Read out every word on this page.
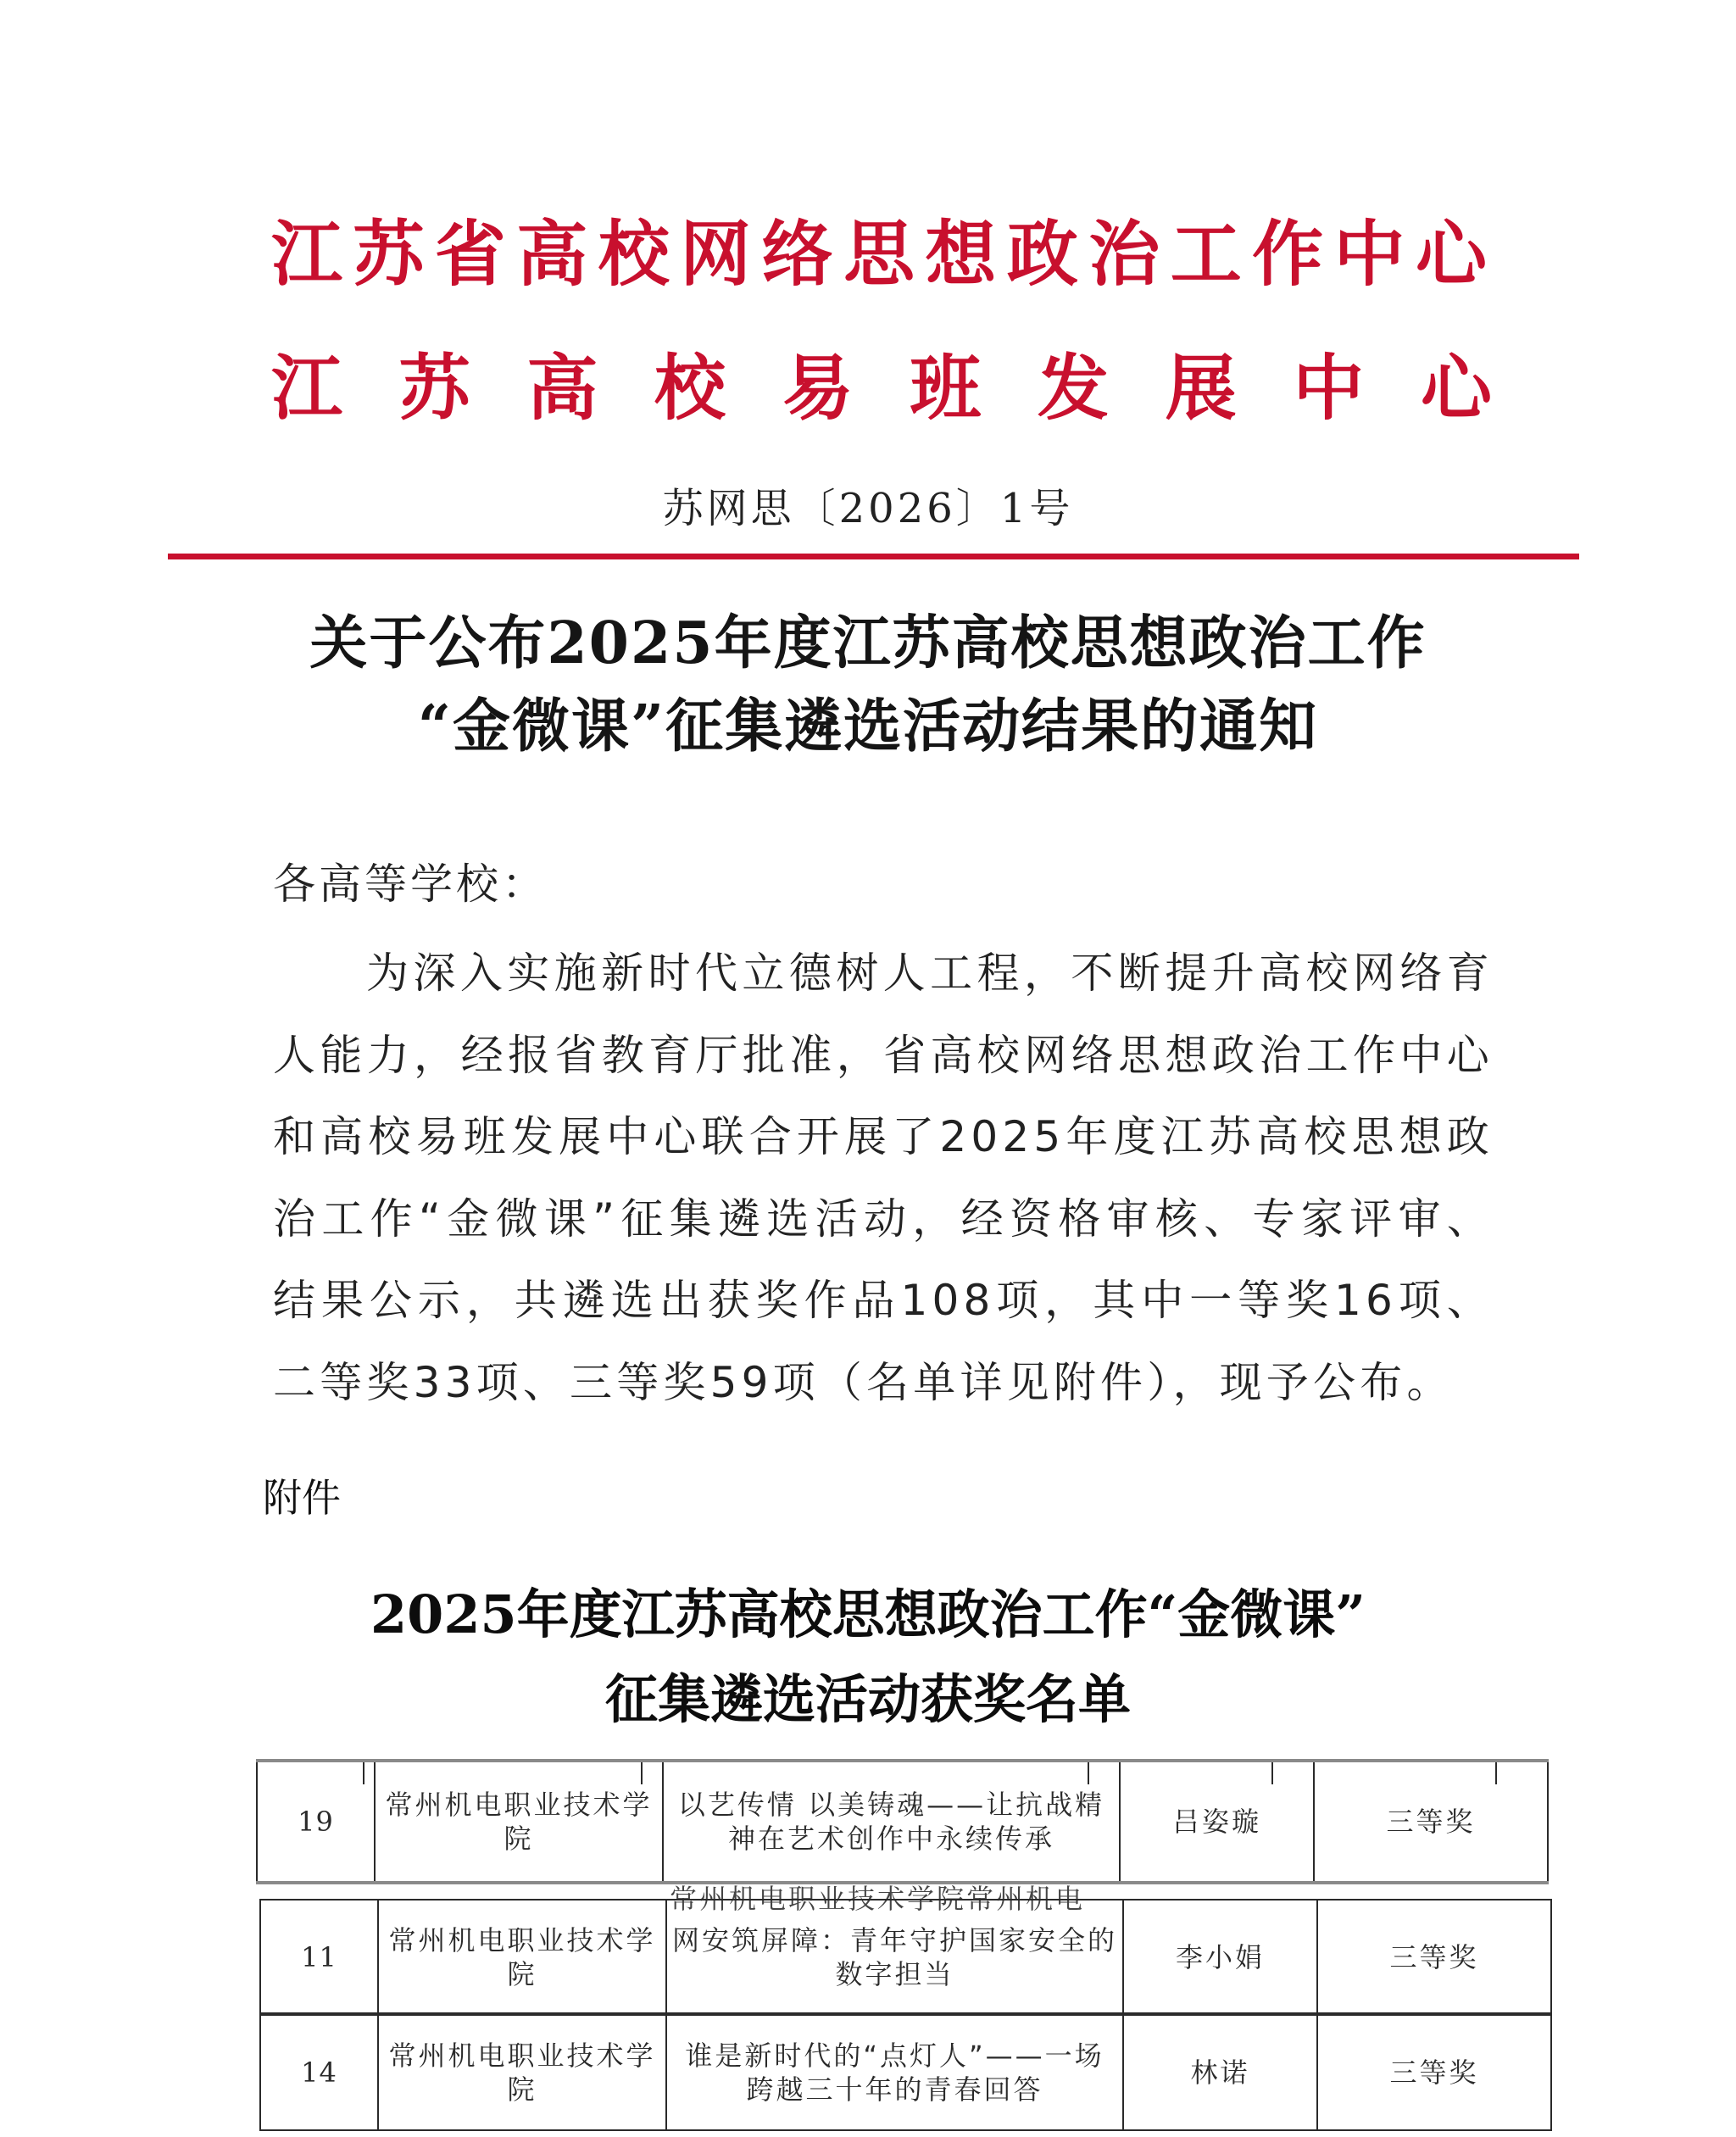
江苏省高校网络思想政治工作中心
江 苏 高 校 易 班 发 展 中 心
苏网思〔2026〕1号
关于公布2025年度江苏高校思想政治工作
“金微课”征集遴选活动结果的通知
各高等学校：
为深入实施新时代立德树人工程，不断提升高校网络育人能力，经报省教育厅批准，省高校网络思想政治工作中心和高校易班发展中心联合开展了2025年度江苏高校思想政治工作“金微课”征集遴选活动，经资格审核、专家评审、结果公示，共遴选出获奖作品108项，其中一等奖16项、二等奖33项、三等奖59项（名单详见附件），现予公布。
附件
2025年度江苏高校思想政治工作“金微课”
征集遴选活动获奖名单
19	常州机电职业技术学院	以艺传情 以美铸魂——让抗战精神在艺术创作中永续传承	吕姿璇	三等奖
常州机电职业技术学院常州机电
11	常州机电职业技术学院	网安筑屏障：青年守护国家安全的数字担当	李小娟	三等奖
14	常州机电职业技术学院	谁是新时代的“点灯人”——一场跨越三十年的青春回答	林诺	三等奖
